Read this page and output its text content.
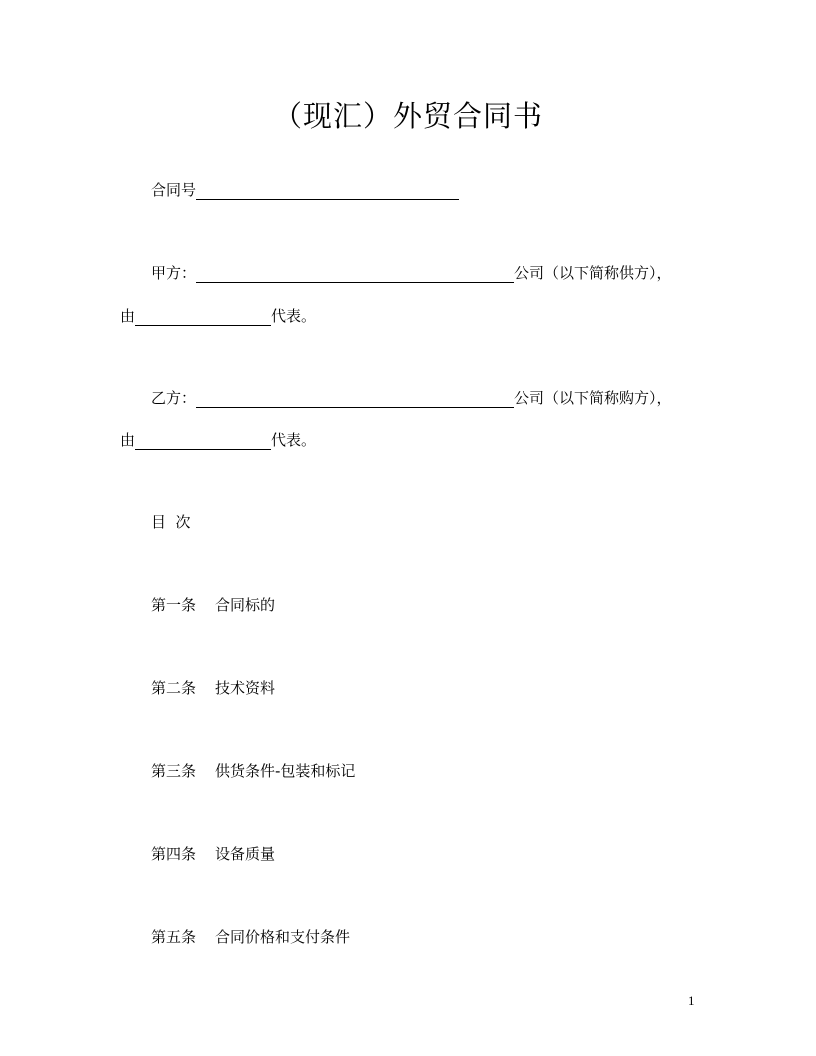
（现汇）外贸合同书
合同号
甲方：	公司（以下简称供方），
由	代表。
乙方：	公司（以下简称购方），
由	代表。
目  次
第一条 合同标的
第二条 技术资料
第三条 供货条件-包装和标记
第四条 设备质量
第五条 合同价格和支付条件
1
